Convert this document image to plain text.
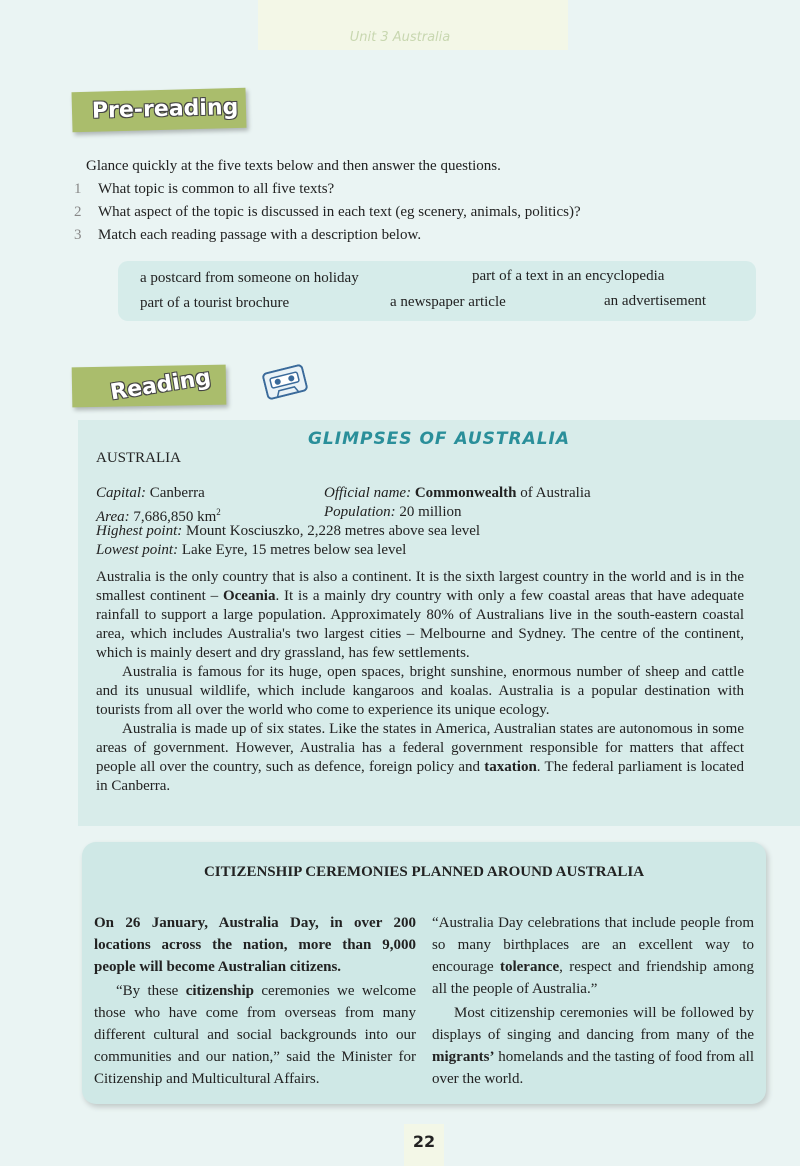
Unit 3 Australia
Pre-reading

Glance quickly at the five texts below and then answer the questions.

1 What topic is common to all five texts?

2 What aspect of the topic is discussed in each text (eg scenery, animals, politics)?

3 Match each reading passage with a description below.

a postcard from someone on holiday	part of a text in an encyclopedia
part of a tourist brochure	a newspaper article	an advertisement
Reading
GLIMPSES OF AUSTRALIA
AUSTRALIA
Capital: Canberra	Official name: Commonwealth of Australia
Area: 7,686,850 $km^2$	Population: 20 million
Highest point: Mount Kosciuszko, 2,228 metres above sea level
Lowest point: Lake Eyre, 15 metres below sea level

Australia is the only country that is also a continent. It is the sixth largest country in the world and is in the smallest continent – Oceania. It is a mainly dry country with only a few coastal areas that have adequate rainfall to support a large population. Approximately 80% of Australians live in the south-eastern coastal area, which includes Australia's two largest cities – Melbourne and Sydney. The centre of the continent, which is mainly desert and dry grassland, has few settlements.

Australia is famous for its huge, open spaces, bright sunshine, enormous number of sheep and cattle and its unusual wildlife, which include kangaroos and koalas. Australia is a popular destination with tourists from all over the world who come to experience its unique ecology.

Australia is made up of six states. Like the states in America, Australian states are autonomous in some areas of government. However, Australia has a federal government responsible for matters that affect people all over the country, such as defence, foreign policy and taxation. The federal parliament is located in Canberra.

CITIZENSHIP CEREMONIES PLANNED AROUND AUSTRALIA

On 26 January, Australia Day, in over 200 locations across the nation, more than 9,000 people will become Australian citizens.

“By these citizenship ceremonies we welcome those who have come from overseas from many different cultural and social backgrounds into our communities and our nation,” said the Minister for Citizenship and Multicultural Affairs.

“Australia Day celebrations that include people from so many birthplaces are an excellent way to encourage tolerance, respect and friendship among all the people of Australia.”

Most citizenship ceremonies will be followed by displays of singing and dancing from many of the migrants’ homelands and the tasting of food from all over the world.

22
